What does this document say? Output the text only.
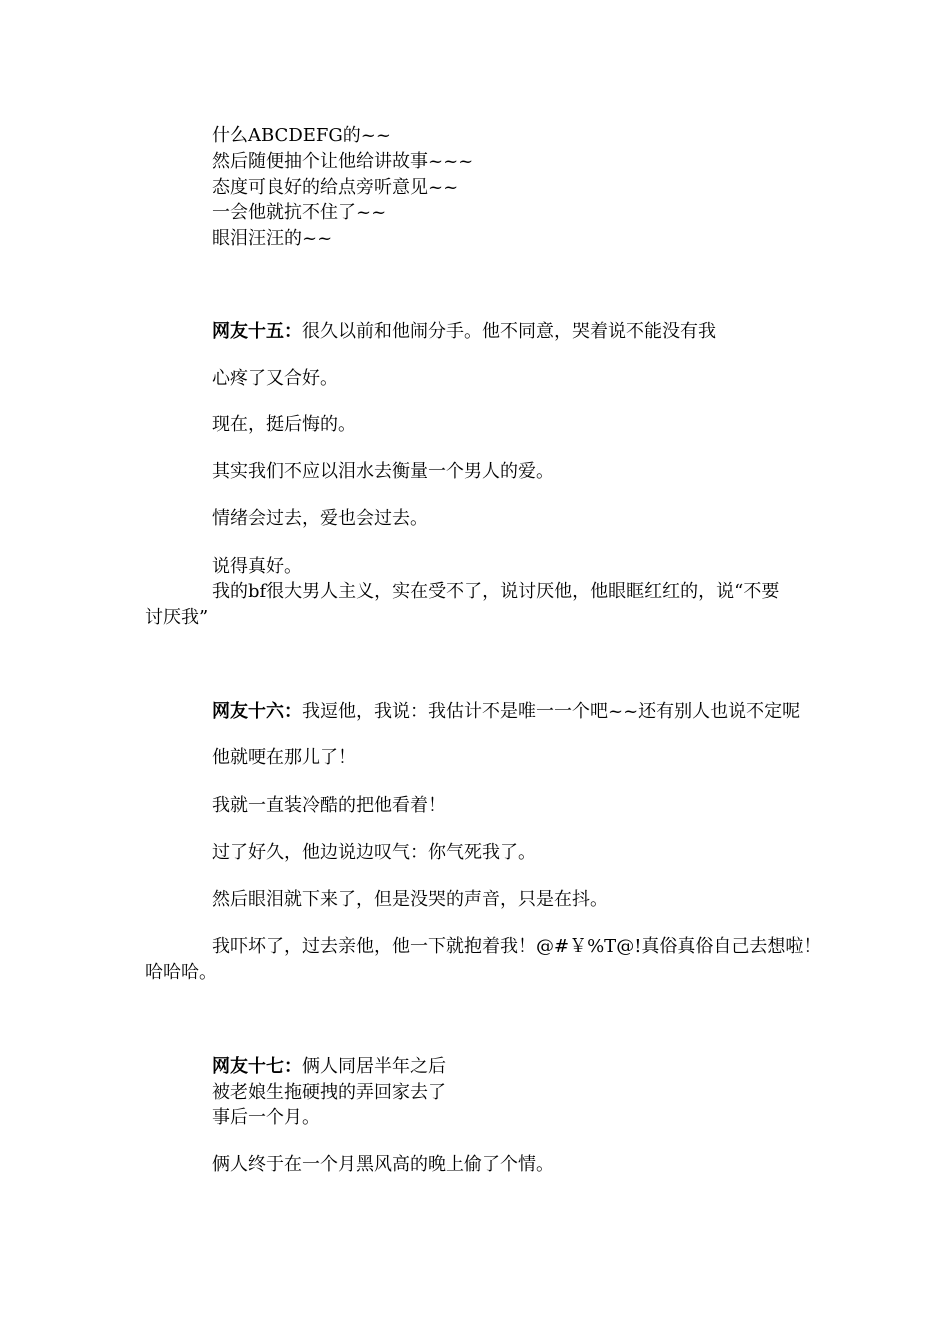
什么ABCDEFG的~~
然后随便抽个让他给讲故事~~~
态度可良好的给点旁听意见~~
一会他就抗不住了~~
眼泪汪汪的~~
网友十五：很久以前和他闹分手。他不同意，哭着说不能没有我
心疼了又合好。
现在，挺后悔的。
其实我们不应以泪水去衡量一个男人的爱。
情绪会过去，爱也会过去。
说得真好。
我的bf很大男人主义，实在受不了，说讨厌他，他眼眶红红的，说“不要
讨厌我”
网友十六：我逗他，我说：我估计不是唯一一个吧~~还有别人也说不定呢
他就哽在那儿了！
我就一直装冷酷的把他看着！
过了好久，他边说边叹气：你气死我了。
然后眼泪就下来了，但是没哭的声音，只是在抖。
我吓坏了，过去亲他，他一下就抱着我！@#￥%T@!真俗真俗自己去想啦！
哈哈哈。
网友十七：俩人同居半年之后
被老娘生拖硬拽的弄回家去了
事后一个月。
俩人终于在一个月黑风高的晚上偷了个情。
